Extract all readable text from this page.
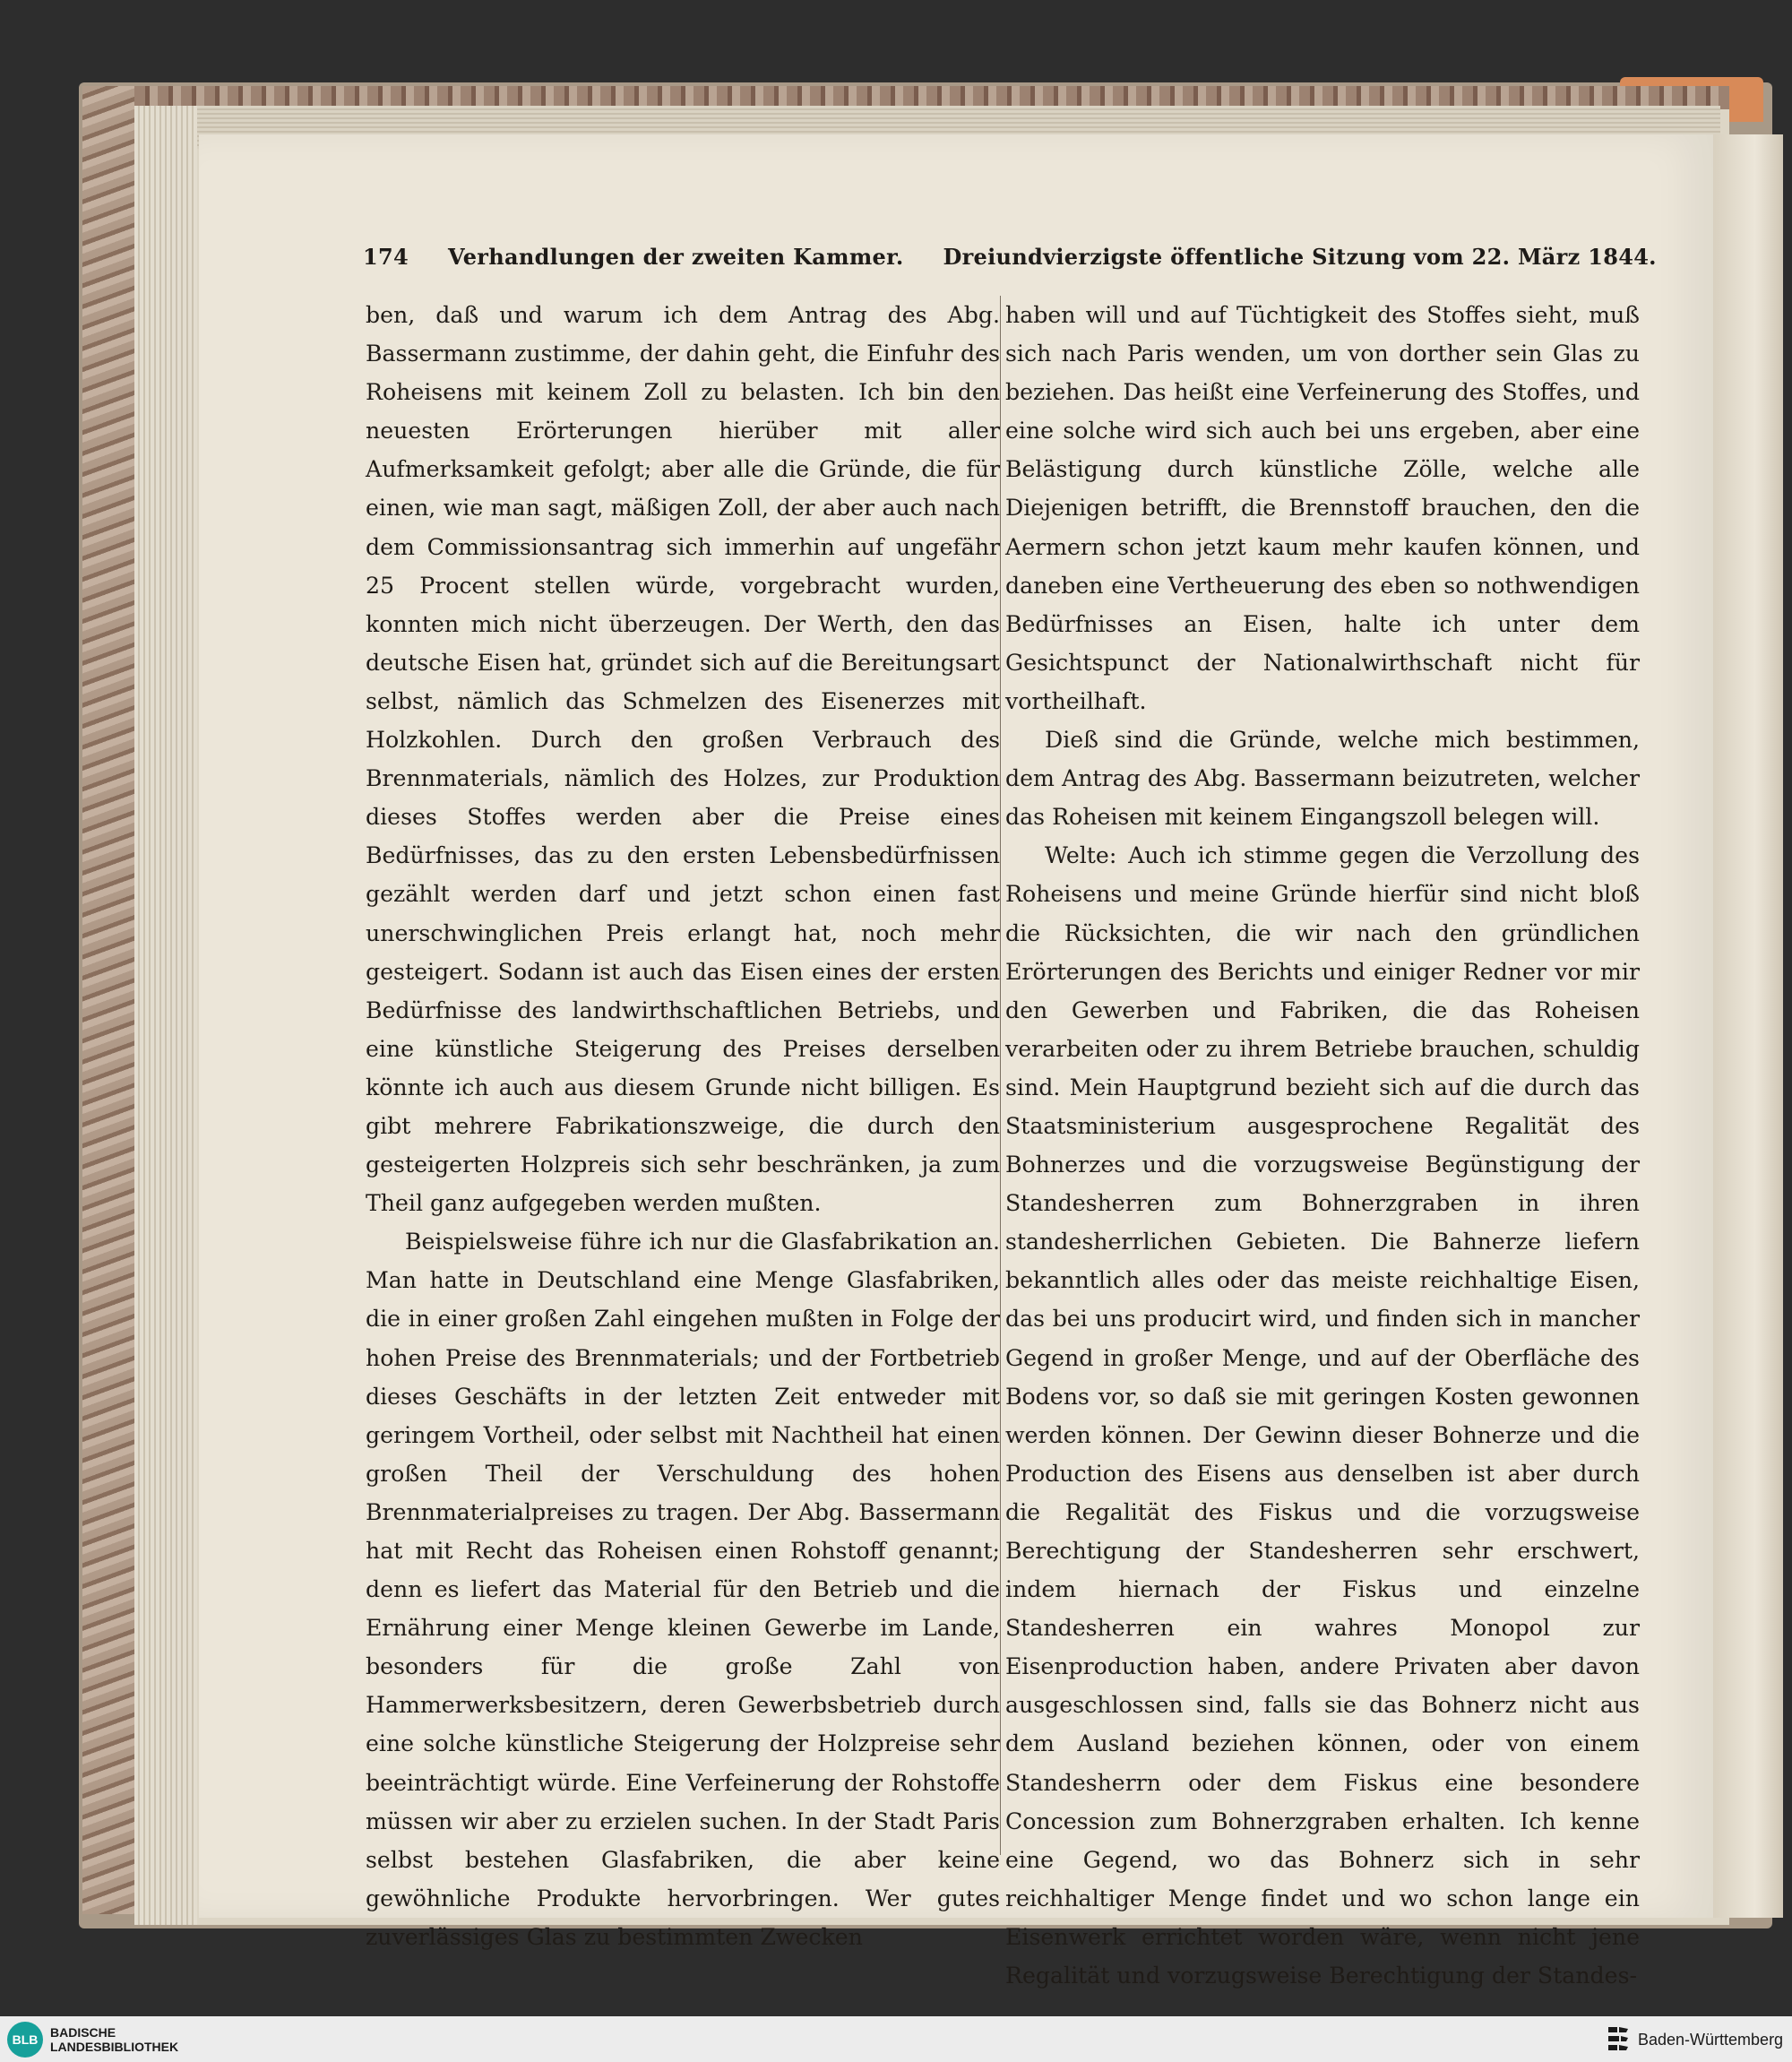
174 Verhandlungen der zweiten Kammer. Dreiundvierzigste öffentliche Sitzung vom 22. März 1844.

ben, daß und warum ich dem Antrag des Abg. Bassermann zustimme, der dahin geht, die Einfuhr des Roheisens mit keinem Zoll zu belasten. Ich bin den neuesten Erörterungen hierüber mit aller Aufmerksamkeit gefolgt; aber alle die Gründe, die für einen, wie man sagt, mäßigen Zoll, der aber auch nach dem Commissionsantrag sich immerhin auf ungefähr 25 Procent stellen würde, vorgebracht wurden, konnten mich nicht überzeugen. Der Werth, den das deutsche Eisen hat, gründet sich auf die Bereitungsart selbst, nämlich das Schmelzen des Eisenerzes mit Holzkohlen. Durch den großen Verbrauch des Brennmaterials, nämlich des Holzes, zur Produktion dieses Stoffes werden aber die Preise eines Bedürfnisses, das zu den ersten Lebensbedürfnissen gezählt werden darf und jetzt schon einen fast unerschwinglichen Preis erlangt hat, noch mehr gesteigert. Sodann ist auch das Eisen eines der ersten Bedürfnisse des landwirthschaftlichen Betriebs, und eine künstliche Steigerung des Preises derselben könnte ich auch aus diesem Grunde nicht billigen. Es gibt mehrere Fabrikationszweige, die durch den gesteigerten Holzpreis sich sehr beschränken, ja zum Theil ganz aufgegeben werden mußten.

Beispielsweise führe ich nur die Glasfabrikation an. Man hatte in Deutschland eine Menge Glasfabriken, die in einer großen Zahl eingehen mußten in Folge der hohen Preise des Brennmaterials; und der Fortbetrieb dieses Geschäfts in der letzten Zeit entweder mit geringem Vortheil, oder selbst mit Nachtheil hat einen großen Theil der Verschuldung des hohen Brennmaterialpreises zu tragen. Der Abg. Bassermann hat mit Recht das Roheisen einen Rohstoff genannt; denn es liefert das Material für den Betrieb und die Ernährung einer Menge kleinen Gewerbe im Lande, besonders für die große Zahl von Hammerwerksbesitzern, deren Gewerbsbetrieb durch eine solche künstliche Steigerung der Holzpreise sehr beeinträchtigt würde. Eine Verfeinerung der Rohstoffe müssen wir aber zu erzielen suchen. In der Stadt Paris selbst bestehen Glasfabriken, die aber keine gewöhnliche Produkte hervorbringen. Wer gutes zuverlässiges Glas zu bestimmten Zwecken

haben will und auf Tüchtigkeit des Stoffes sieht, muß sich nach Paris wenden, um von dorther sein Glas zu beziehen. Das heißt eine Verfeinerung des Stoffes, und eine solche wird sich auch bei uns ergeben, aber eine Belästigung durch künstliche Zölle, welche alle Diejenigen betrifft, die Brennstoff brauchen, den die Aermern schon jetzt kaum mehr kaufen können, und daneben eine Vertheuerung des eben so nothwendigen Bedürfnisses an Eisen, halte ich unter dem Gesichtspunct der Nationalwirthschaft nicht für vortheilhaft.

Dieß sind die Gründe, welche mich bestimmen, dem Antrag des Abg. Bassermann beizutreten, welcher das Roheisen mit keinem Eingangszoll belegen will.

Welte: Auch ich stimme gegen die Verzollung des Roheisens und meine Gründe hierfür sind nicht bloß die Rücksichten, die wir nach den gründlichen Erörterungen des Berichts und einiger Redner vor mir den Gewerben und Fabriken, die das Roheisen verarbeiten oder zu ihrem Betriebe brauchen, schuldig sind. Mein Hauptgrund bezieht sich auf die durch das Staatsministerium ausgesprochene Regalität des Bohnerzes und die vorzugsweise Begünstigung der Standesherren zum Bohnerzgraben in ihren standesherrlichen Gebieten. Die Bahnerze liefern bekanntlich alles oder das meiste reichhaltige Eisen, das bei uns producirt wird, und finden sich in mancher Gegend in großer Menge, und auf der Oberfläche des Bodens vor, so daß sie mit geringen Kosten gewonnen werden können. Der Gewinn dieser Bohnerze und die Production des Eisens aus denselben ist aber durch die Regalität des Fiskus und die vorzugsweise Berechtigung der Standesherren sehr erschwert, indem hiernach der Fiskus und einzelne Standesherren ein wahres Monopol zur Eisenproduction haben, andere Privaten aber davon ausgeschlossen sind, falls sie das Bohnerz nicht aus dem Ausland beziehen können, oder von einem Standesherrn oder dem Fiskus eine besondere Concession zum Bohnerzgraben erhalten. Ich kenne eine Gegend, wo das Bohnerz sich in sehr reichhaltiger Menge findet und wo schon lange ein Eisenwerk errichtet worden wäre, wenn nicht jene Regalität und vorzugsweise Berechtigung der Standes-

BLB BADISCHE
LANDESBIBLIOTHEK	Baden-Württemberg
